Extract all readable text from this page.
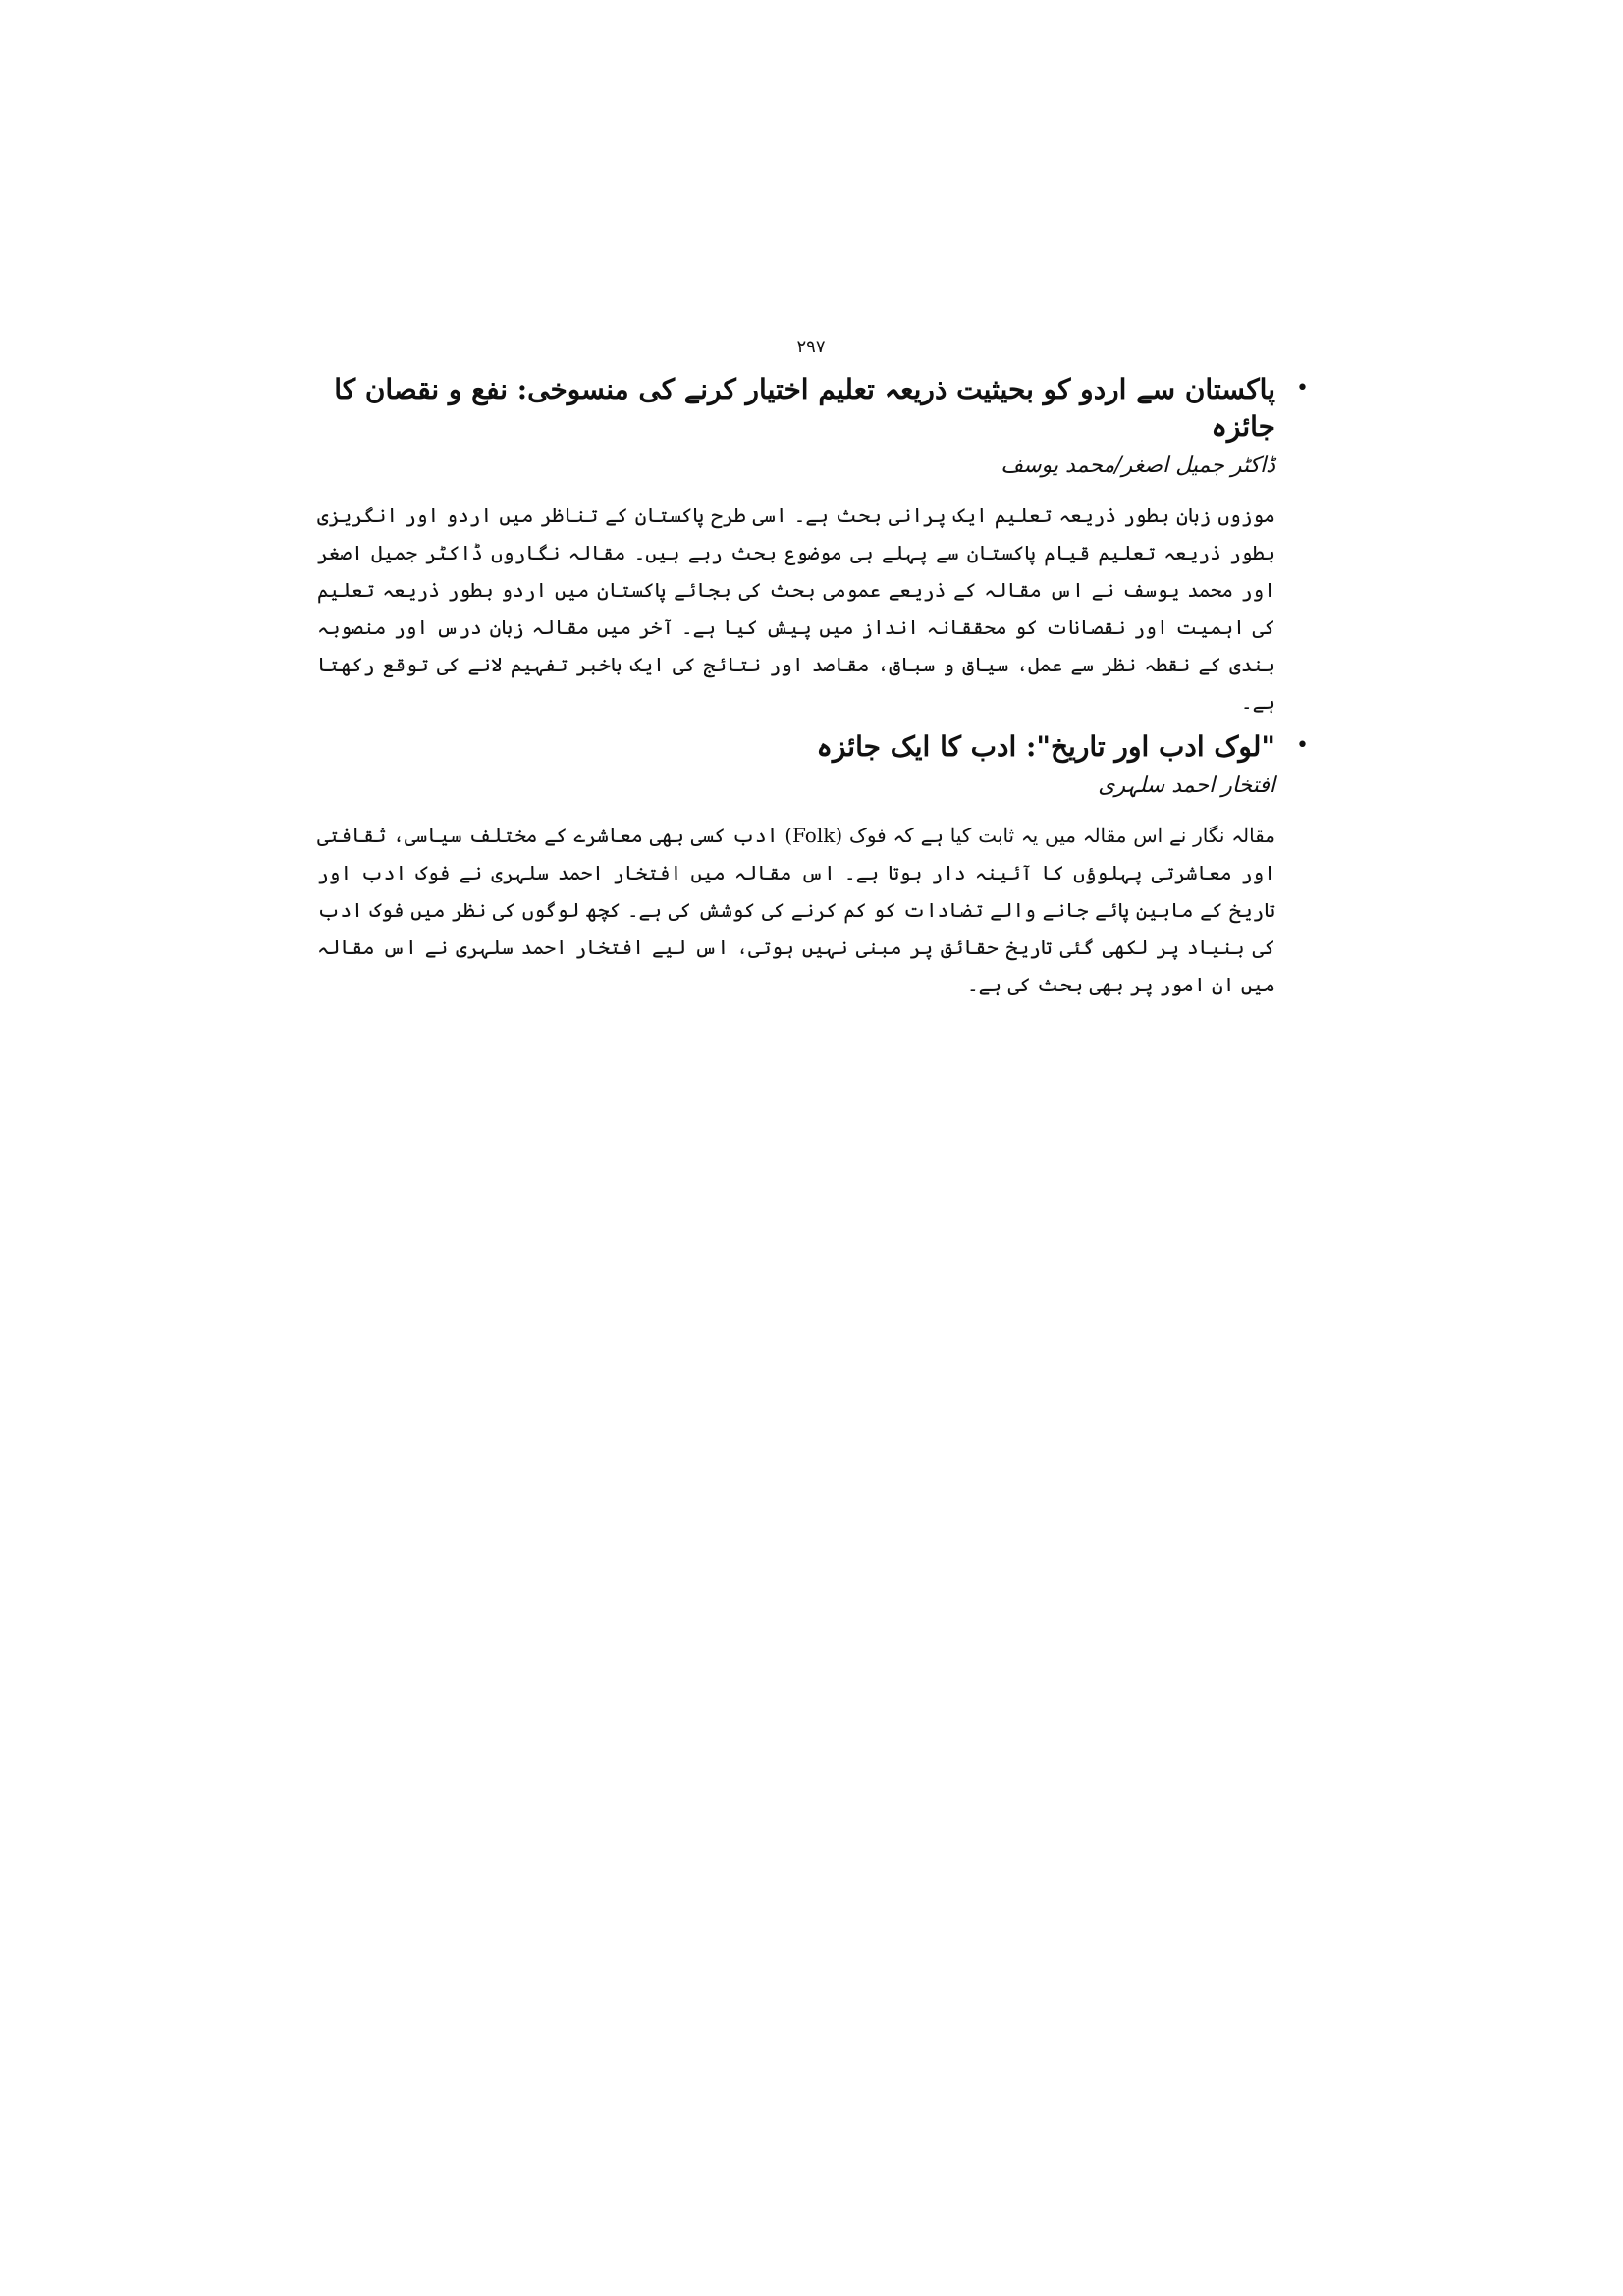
۲۹۷
•
پاکستان سے اردو کو بحیثیت ذریعہ تعلیم اختیار کرنے کی منسوخی: نفع و نقصان کا جائزہ
ڈاکٹر جمیل اصغر/محمد یوسف

موزوں زبان بطور ذریعہ تعلیم ایک پرانی بحث ہے۔ اسی طرح پاکستان کے تناظر میں اردو اور انگریزی بطور ذریعہ تعلیم قیام پاکستان سے پہلے ہی موضوع بحث رہے ہیں۔ مقالہ نگاروں ڈاکٹر جمیل اصغر اور محمد یوسف نے اس مقالہ کے ذریعے عمومی بحث کی بجائے پاکستان میں اردو بطور ذریعہ تعلیم کی اہمیت اور نقصانات کو محققانہ انداز میں پیش کیا ہے۔ آخر میں مقالہ زبان درس اور منصوبہ بندی کے نقطہ نظر سے عمل، سیاق و سباق، مقاصد اور نتائج کی ایک باخبر تفہیم لانے کی توقع رکھتا ہے۔

•
"لوک ادب اور تاریخ": ادب کا ایک جائزہ
افتخار احمد سلہری

مقالہ نگار نے اس مقالہ میں یہ ثابت کیا ہے کہ فوک (Folk) ادب کسی بھی معاشرے کے مختلف سیاسی، ثقافتی اور معاشرتی پہلوؤں کا آئینہ دار ہوتا ہے۔ اس مقالہ میں افتخار احمد سلہری نے فوک ادب اور تاریخ کے مابین پائے جانے والے تضادات کو کم کرنے کی کوشش کی ہے۔ کچھ لوگوں کی نظر میں فوک ادب کی بنیاد پر لکھی گئی تاریخ حقائق پر مبنی نہیں ہوتی، اس لیے افتخار احمد سلہری نے اس مقالہ میں ان امور پر بھی بحث کی ہے۔
